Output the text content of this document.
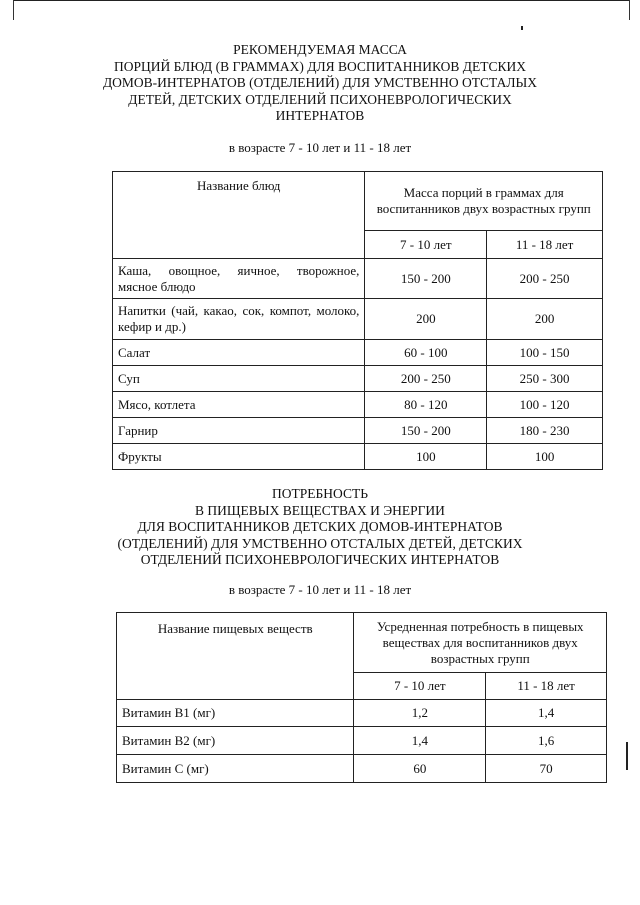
РЕКОМЕНДУЕМАЯ МАССА
ПОРЦИЙ БЛЮД (В ГРАММАХ) ДЛЯ ВОСПИТАННИКОВ ДЕТСКИХ
ДОМОВ-ИНТЕРНАТОВ (ОТДЕЛЕНИЙ) ДЛЯ УМСТВЕННО ОТСТАЛЫХ
ДЕТЕЙ, ДЕТСКИХ ОТДЕЛЕНИЙ ПСИХОНЕВРОЛОГИЧЕСКИХ
ИНТЕРНАТОВ
в возрасте 7 - 10 лет и 11 - 18 лет
Название блюд	Масса порций в граммах для воспитанников двух возрастных групп	
	7 - 10 лет	11 - 18 лет
Каша, овощное, яичное, творожное, мясное блюдо	150 - 200	200 - 250
Напитки (чай, какао, сок, компот, молоко, кефир и др.)	200	200
Салат	60 - 100	100 - 150
Суп	200 - 250	250 - 300
Мясо, котлета	80 - 120	100 - 120
Гарнир	150 - 200	180 - 230
Фрукты	100	100
ПОТРЕБНОСТЬ
В ПИЩЕВЫХ ВЕЩЕСТВАХ И ЭНЕРГИИ
ДЛЯ ВОСПИТАННИКОВ ДЕТСКИХ ДОМОВ-ИНТЕРНАТОВ
(ОТДЕЛЕНИЙ) ДЛЯ УМСТВЕННО ОТСТАЛЫХ ДЕТЕЙ, ДЕТСКИХ
ОТДЕЛЕНИЙ ПСИХОНЕВРОЛОГИЧЕСКИХ ИНТЕРНАТОВ
в возрасте 7 - 10 лет и 11 - 18 лет
Название пищевых веществ	Усредненная потребность в пищевых веществах для воспитанников двух возрастных групп	
	7 - 10 лет	11 - 18 лет
Витамин В1 (мг)	1,2	1,4
Витамин В2 (мг)	1,4	1,6
Витамин С (мг)	60	70
